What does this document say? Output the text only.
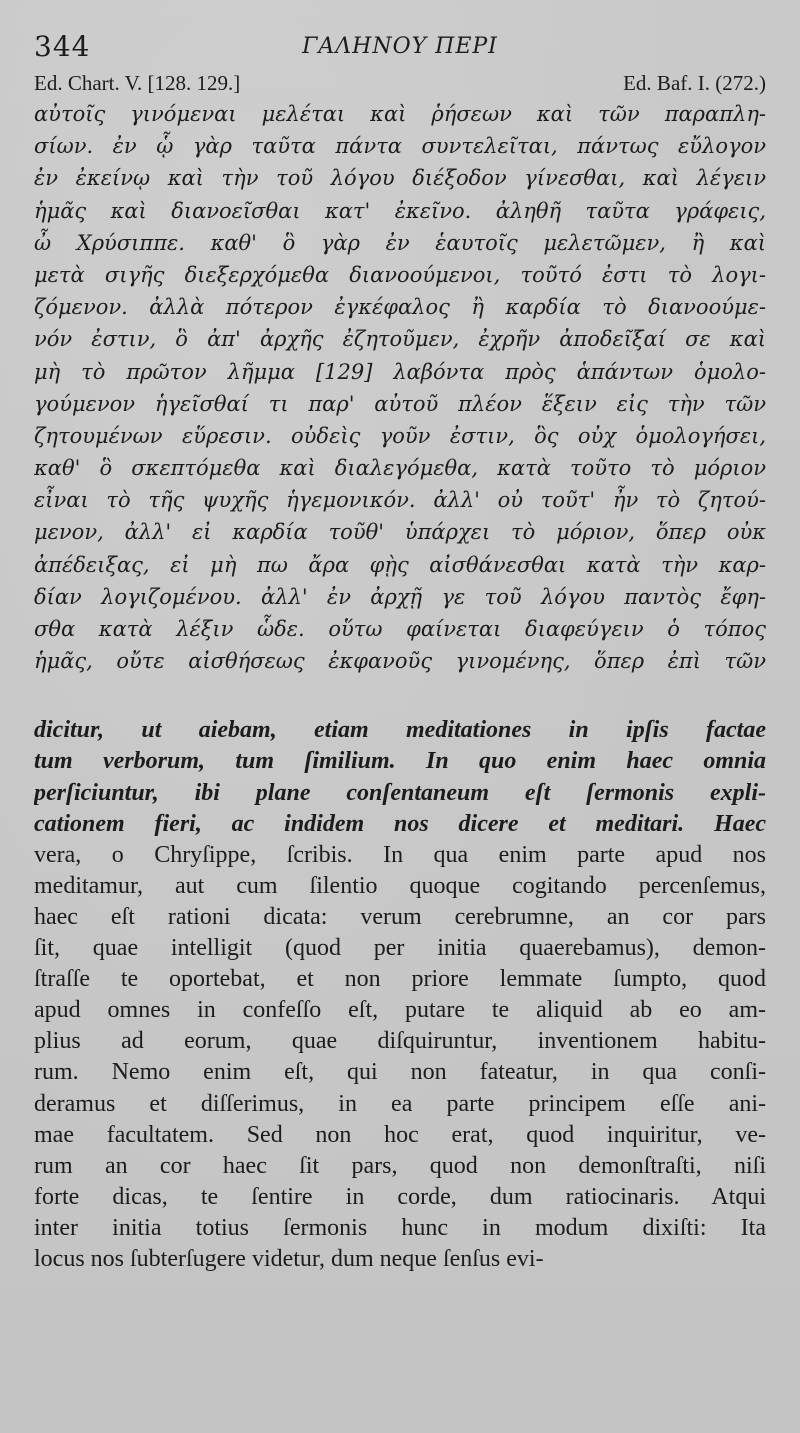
344	ΓΑΛΗΝΟΥ ΠΕΡΙ
Ed. Chart. V. [128. 129.]	Ed. Baf. I. (272.)
αὐτοῖς γινόμεναι μελέται καὶ ῥήσεων καὶ τῶν παραπλη-
σίων. ἐν ᾧ γὰρ ταῦτα πάντα συντελεῖται, πάντως εὔλογον
ἐν ἐκείνῳ καὶ τὴν τοῦ λόγου διέξοδον γίνεσθαι, καὶ λέγειν
ἡμᾶς καὶ διανοεῖσθαι κατ' ἐκεῖνο. ἀληθῆ ταῦτα γράφεις,
ὦ Χρύσιππε. καθ' ὃ γὰρ ἐν ἑαυτοῖς μελετῶμεν, ἢ καὶ
μετὰ σιγῆς διεξερχόμεθα διανοούμενοι, τοῦτό ἐστι τὸ λογι-
ζόμενον. ἀλλὰ πότερον ἐγκέφαλος ἢ καρδία τὸ διανοούμε-
νόν ἐστιν, ὃ ἀπ' ἀρχῆς ἐζητοῦμεν, ἐχρῆν ἀποδεῖξαί σε καὶ
μὴ τὸ πρῶτον λῆμμα [129] λαβόντα πρὸς ἁπάντων ὁμολο-
γούμενον ἡγεῖσθαί τι παρ' αὐτοῦ πλέον ἕξειν εἰς τὴν τῶν
ζητουμένων εὕρεσιν. οὐδεὶς γοῦν ἐστιν, ὃς οὐχ ὁμολογήσει,
καθ' ὃ σκεπτόμεθα καὶ διαλεγόμεθα, κατὰ τοῦτο τὸ μόριον
εἶναι τὸ τῆς ψυχῆς ἡγεμονικόν. ἀλλ' οὐ τοῦτ' ἦν τὸ ζητού-
μενον, ἀλλ' εἰ καρδία τοῦθ' ὑπάρχει τὸ μόριον, ὅπερ οὐκ
ἀπέδειξας, εἰ μὴ πω ἄρα φῂς αἰσθάνεσθαι κατὰ τὴν καρ-
δίαν λογιζομένου. ἀλλ' ἐν ἀρχῇ γε τοῦ λόγου παντὸς ἔφη-
σθα κατὰ λέξιν ὧδε. οὕτω φαίνεται διαφεύγειν ὁ τόπος
ἡμᾶς, οὔτε αἰσθήσεως ἐκφανοῦς γινομένης, ὅπερ ἐπὶ τῶν
dicitur, ut aiebam, etiam meditationes in ipſis factae
tum verborum, tum ſimilium. In quo enim haec omnia
perſiciuntur, ibi plane conſentaneum eſt ſermonis expli-
cationem fieri, ac indidem nos dicere et meditari. Haec
vera, o Chryſippe, ſcribis. In qua enim parte apud nos
meditamur, aut cum ſilentio quoque cogitando percenſemus,
haec eſt rationi dicata: verum cerebrumne, an cor pars
ſit, quae intelligit (quod per initia quaerebamus), demon-
ſtraſſe te oportebat, et non priore lemmate ſumpto, quod
apud omnes in confeſſo eſt, putare te aliquid ab eo am-
plius ad eorum, quae diſquiruntur, inventionem habitu-
rum. Nemo enim eſt, qui non fateatur, in qua conſi-
deramus et diſſerimus, in ea parte principem eſſe ani-
mae facultatem. Sed non hoc erat, quod inquiritur, ve-
rum an cor haec ſit pars, quod non demonſtraſti, niſi
forte dicas, te ſentire in corde, dum ratiocinaris. Atqui
inter initia totius ſermonis hunc in modum dixiſti: Ita
locus nos ſubterſugere videtur, dum neque ſenſus evi-
